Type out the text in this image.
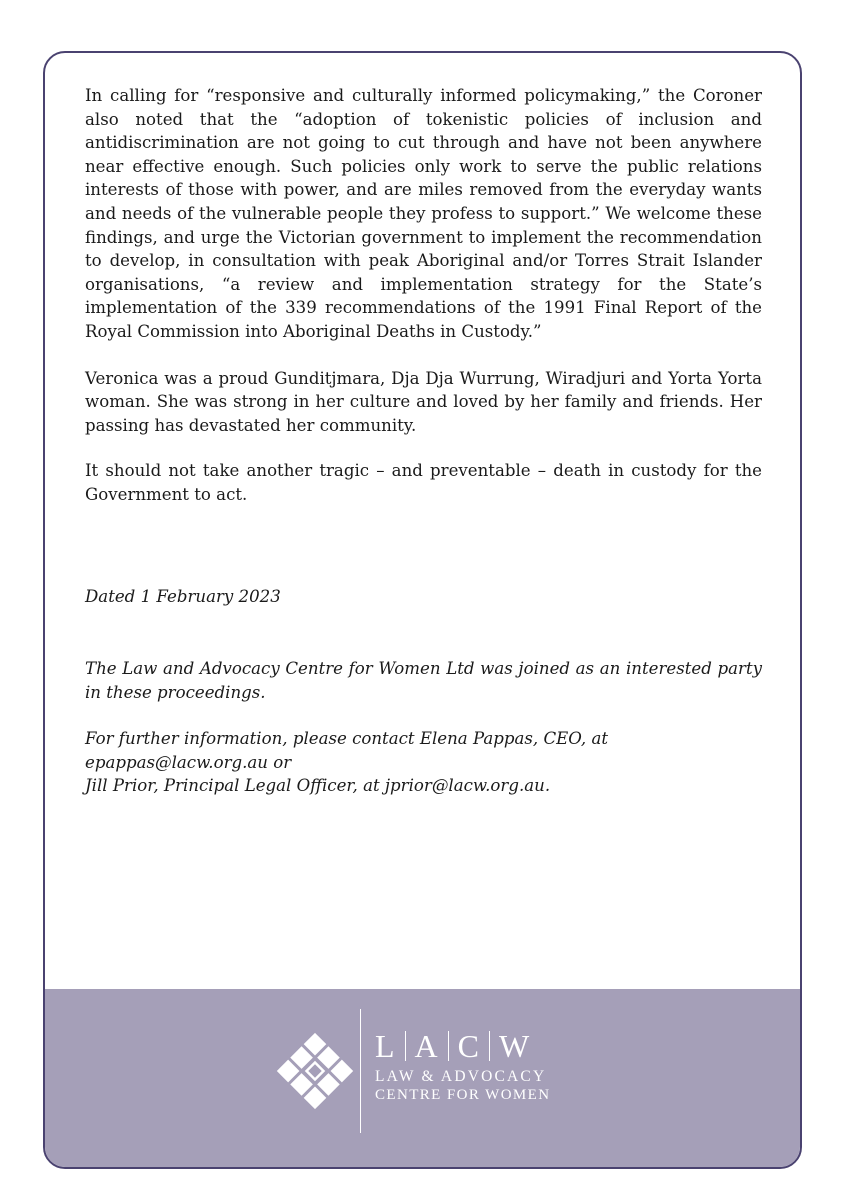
In calling for “responsive and culturally informed policymaking,” the Coroner also noted that the “adoption of tokenistic policies of inclusion and antidiscrimination are not going to cut through and have not been anywhere near effective enough. Such policies only work to serve the public relations interests of those with power, and are miles removed from the everyday wants and needs of the vulnerable people they profess to support.” We welcome these findings, and urge the Victorian government to implement the recommendation to develop, in consultation with peak Aboriginal and/or Torres Strait Islander organisations, “a review and implementation strategy for the State’s implementation of the 339 recommendations of the 1991 Final Report of the Royal Commission into Aboriginal Deaths in Custody.”

Veronica was a proud Gunditjmara, Dja Dja Wurrung, Wiradjuri and Yorta Yorta woman. She was strong in her culture and loved by her family and friends. Her passing has devastated her community.

It should not take another tragic – and preventable – death in custody for the Government to act.

Dated 1 February 2023
The Law and Advocacy Centre for Women Ltd was joined as an interested party in these proceedings.
For further information, please contact Elena Pappas, CEO, at epappas@lacw.org.au or
Jill Prior, Principal Legal Officer, at jprior@lacw.org.au.
L A C W
LAW & ADVOCACY
CENTRE FOR WOMEN
